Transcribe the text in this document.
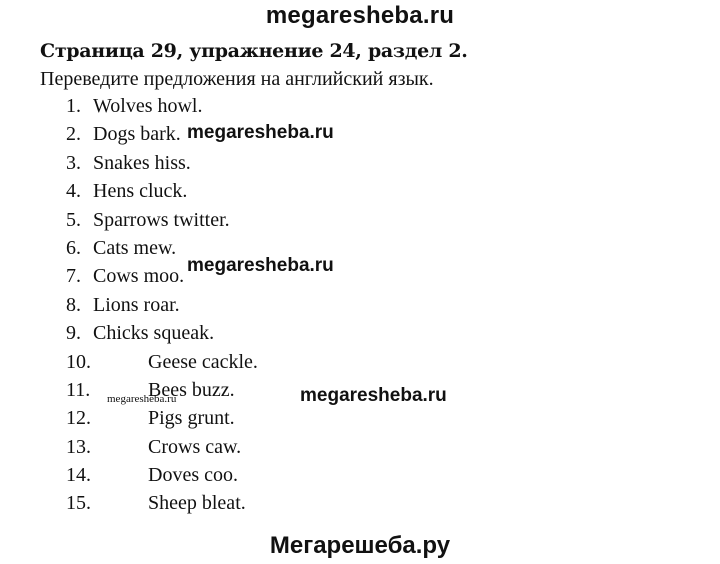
megaresheba.ru
Страница 29, упражнение 24, раздел 2.
Переведите предложения на английский язык.
1. Wolves howl.
2. Dogs bark.
3. Snakes hiss.
4. Hens cluck.
5. Sparrows twitter.
6. Cats mew.
7. Cows moo.
8. Lions roar.
9. Chicks squeak.
10.	Geese cackle.
11.	Bees buzz.
12.	Pigs grunt.
13.	Crows caw.
14.	Doves coo.
15.	Sheep bleat.
megaresheba.ru
megaresheba.ru
megaresheba.ru	megaresheba.ru
Мегарешеба.ру
